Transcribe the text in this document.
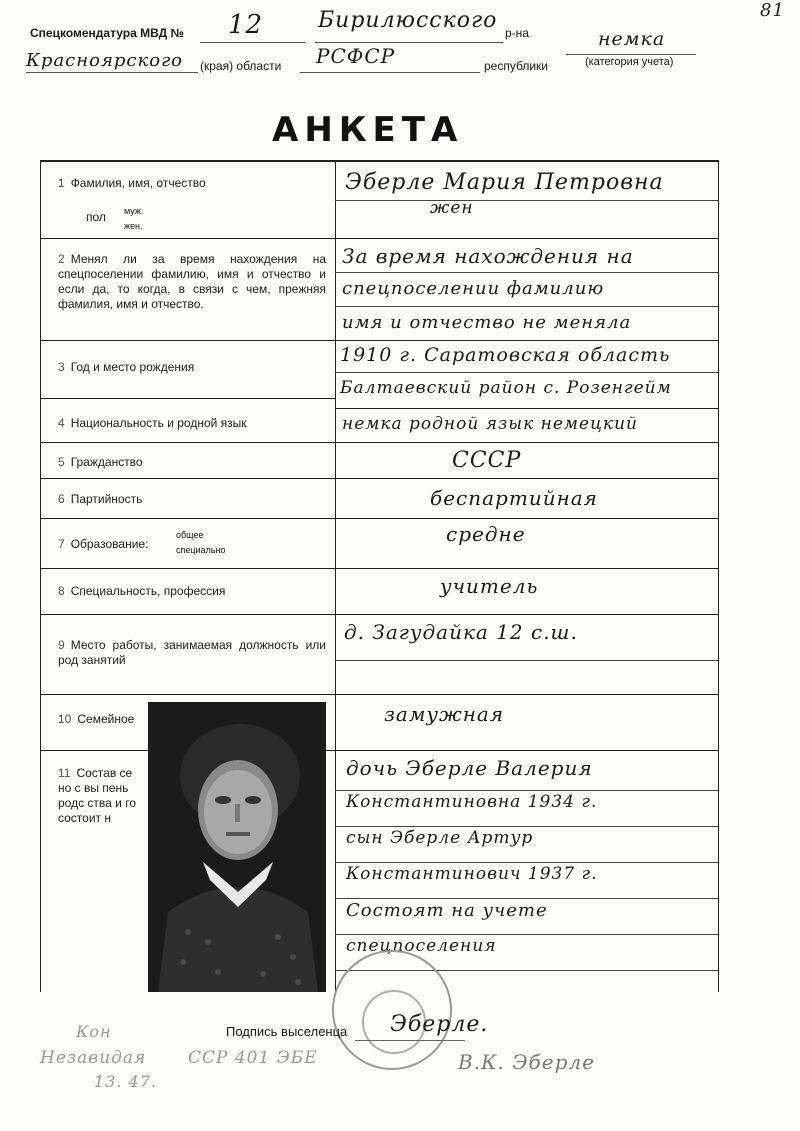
81
Спецкомендатура МВД № 12 Бирилюсского р-на
Красноярского (края) области РСФСР	республики
немка
(категория учета)
АНКЕТА
1 Фамилия, имя, отчество
пол муж.
жен.
2 Менял ли за время нахождения на спецпоселении фамилию, имя и отчество и если да, то когда, в связи с чем, прежняя фамилия, имя и отчество.
3 Год и место рождения
4 Национальность и родной язык
5 Гражданство
6 Партийность
7 Образование:
общее
специально
8 Специальность, профессия
9 Место работы, занимаемая должность или род занятий
10 Семейное
11 Состав се но с вы пень родс ства и го состоит н
Эберле Мария Петровна
жен
За время нахождения на
спецпоселении фамилию
имя и отчество не меняла
1910 г. Саратовская область
Балтаевский район с. Розенгейм
немка родной язык немецкий
СССР
беспартийная
средне
учитель
д. Загудайка 12 с.ш.
замужная
дочь Эберле Валерия
Константиновна 1934 г.
сын Эберле Артур
Константинович 1937 г.
Состоят на учете
спецпоселения
Подпись выселенца Эберле.
Кон
Незавидая
13. 47.
ССР 401 ЭБЕ	В.К. Эберле
